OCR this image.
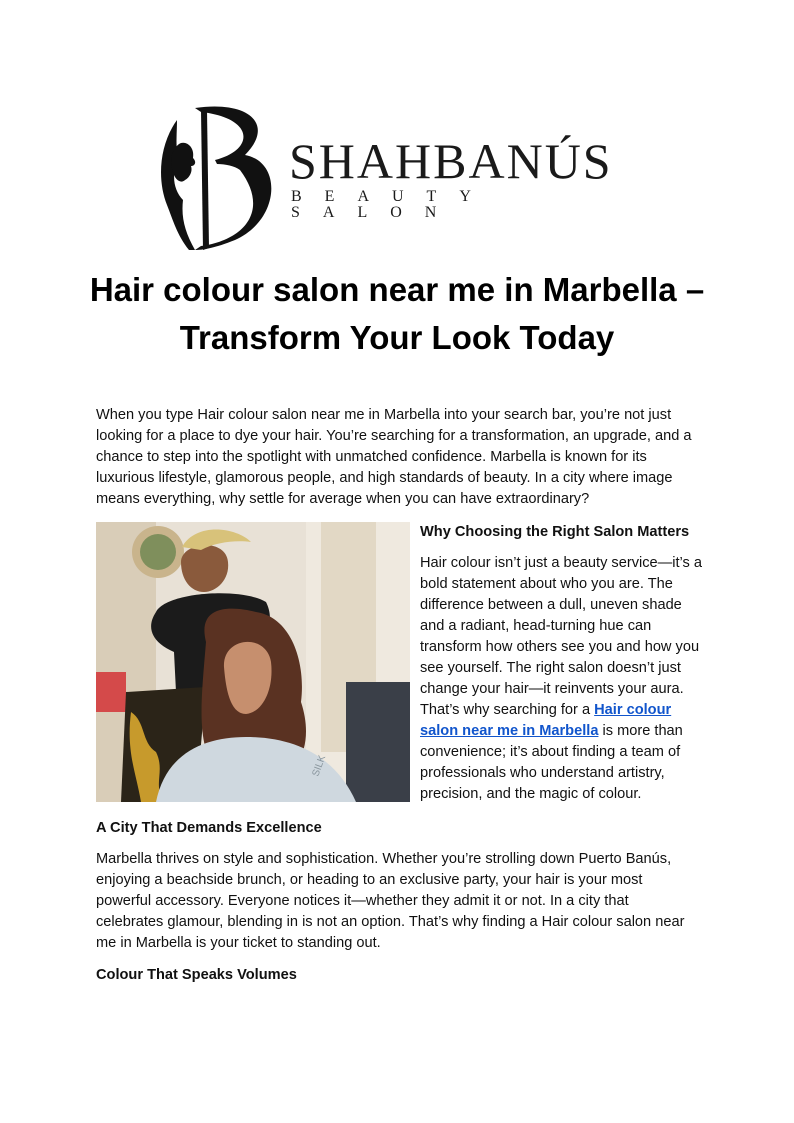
SHAHBANÚS
BEAUTY SALON
Hair colour salon near me in Marbella – Transform Your Look Today

When you type Hair colour salon near me in Marbella into your search bar, you’re not just looking for a place to dye your hair. You’re searching for a transformation, an upgrade, and a chance to step into the spotlight with unmatched confidence. Marbella is known for its luxurious lifestyle, glamorous people, and high standards of beauty. In a city where image means everything, why settle for average when you can have extraordinary?

SILK
Why Choosing the Right Salon Matters

Hair colour isn’t just a beauty service—it’s a bold statement about who you are. The difference between a dull, uneven shade and a radiant, head-turning hue can transform how others see you and how you see yourself. The right salon doesn’t just change your hair—it reinvents your aura. That’s why searching for a Hair colour salon near me in Marbella is more than convenience; it’s about finding a team of professionals who understand artistry, precision, and the magic of colour.

A City That Demands Excellence

Marbella thrives on style and sophistication. Whether you’re strolling down Puerto Banús, enjoying a beachside brunch, or heading to an exclusive party, your hair is your most powerful accessory. Everyone notices it—whether they admit it or not. In a city that celebrates glamour, blending in is not an option. That’s why finding a Hair colour salon near me in Marbella is your ticket to standing out.

Colour That Speaks Volumes
